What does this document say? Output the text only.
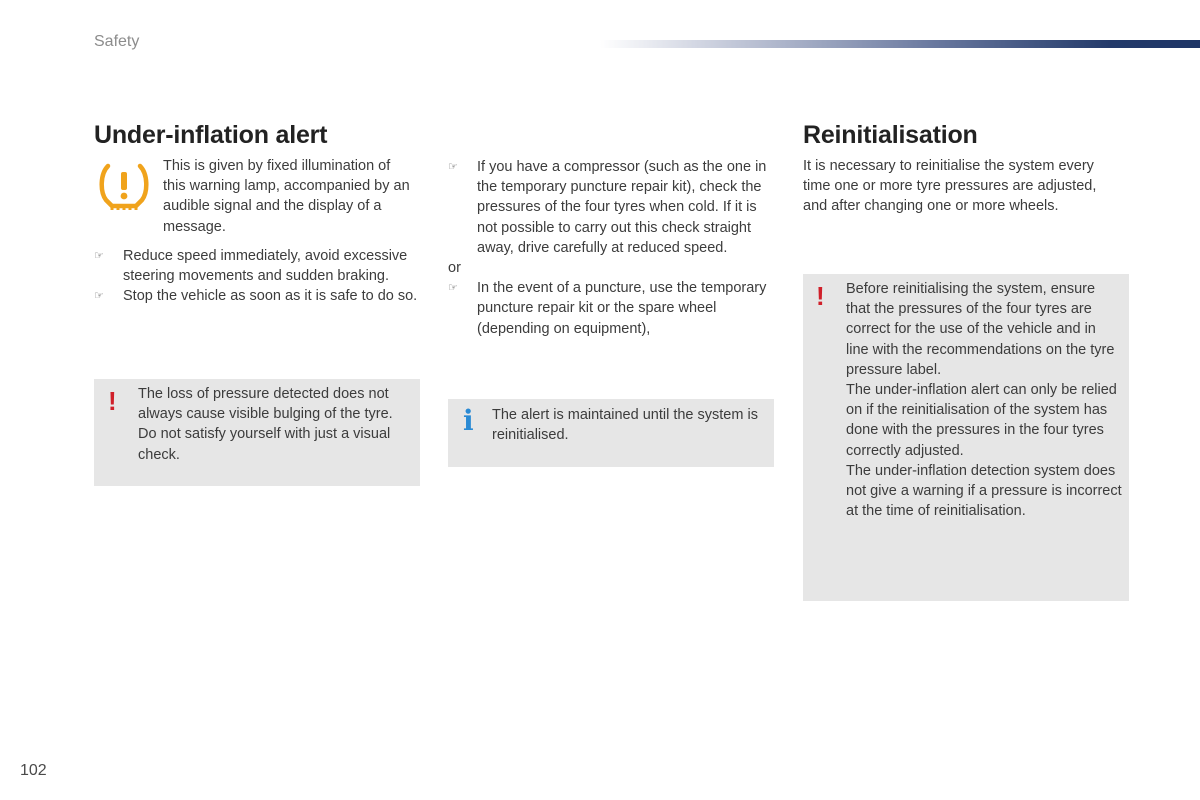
Safety
Under-inflation alert
This is given by fixed illumination of this warning lamp, accompanied by an audible signal and the display of a message.
☞ Reduce speed immediately, avoid excessive steering movements and sudden braking.
☞ Stop the vehicle as soon as it is safe to do so.
! The loss of pressure detected does not always cause visible bulging of the tyre. Do not satisfy yourself with just a visual check.
☞ If you have a compressor (such as the one in the temporary puncture repair kit), check the pressures of the four tyres when cold. If it is not possible to carry out this check straight away, drive carefully at reduced speed.
or
☞ In the event of a puncture, use the temporary puncture repair kit or the spare wheel (depending on equipment),
i The alert is maintained until the system is reinitialised.
Reinitialisation
It is necessary to reinitialise the system every time one or more tyre pressures are adjusted, and after changing one or more wheels.
! Before reinitialising the system, ensure that the pressures of the four tyres are correct for the use of the vehicle and in line with the recommendations on the tyre pressure label.
The under-inflation alert can only be relied on if the reinitialisation of the system has done with the pressures in the four tyres correctly adjusted.
The under-inflation detection system does not give a warning if a pressure is incorrect at the time of reinitialisation.
102
